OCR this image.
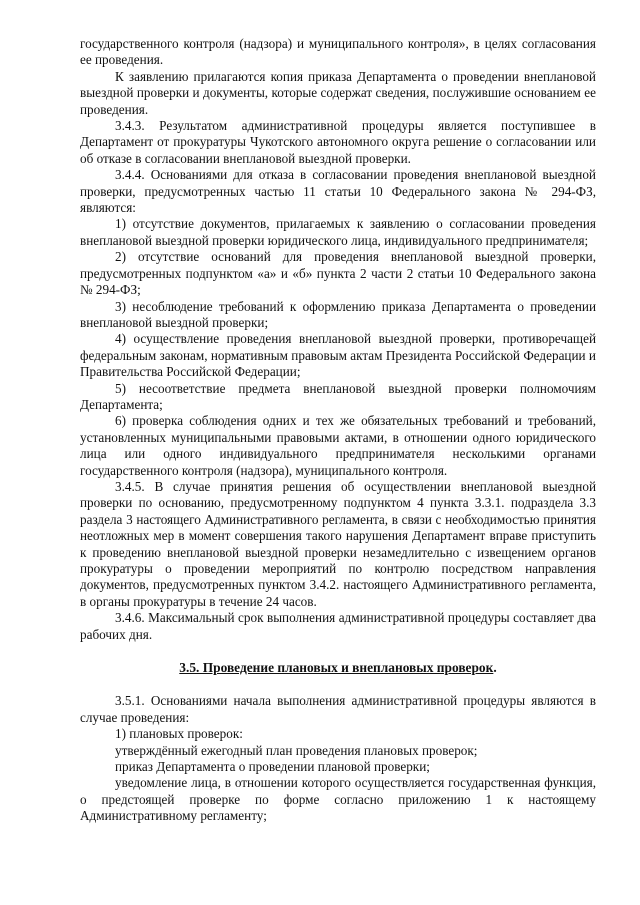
государственного контроля (надзора) и муниципального контроля», в целях согласования ее проведения.

К заявлению прилагаются копия приказа Департамента о проведении внеплановой выездной проверки и документы, которые содержат сведения, послужившие основанием ее проведения.

3.4.3. Результатом административной процедуры является поступившее в Департамент от прокуратуры Чукотского автономного округа решение о согласовании или об отказе в согласовании внеплановой выездной проверки.

3.4.4. Основаниями для отказа в согласовании проведения внеплановой выездной проверки, предусмотренных частью 11 статьи 10 Федерального закона № 294-ФЗ, являются:

1) отсутствие документов, прилагаемых к заявлению о согласовании проведения внеплановой выездной проверки юридического лица, индивидуального предпринимателя;

2) отсутствие оснований для проведения внеплановой выездной проверки, предусмотренных подпунктом «а» и «б» пункта 2 части 2 статьи 10 Федерального закона № 294-ФЗ;

3) несоблюдение требований к оформлению приказа Департамента о проведении внеплановой выездной проверки;

4) осуществление проведения внеплановой выездной проверки, противоречащей федеральным законам, нормативным правовым актам Президента Российской Федерации и Правительства Российской Федерации;

5) несоответствие предмета внеплановой выездной проверки полномочиям Департамента;

6) проверка соблюдения одних и тех же обязательных требований и требований, установленных муниципальными правовыми актами, в отношении одного юридического лица или одного индивидуального предпринимателя несколькими органами государственного контроля (надзора), муниципального контроля.

3.4.5. В случае принятия решения об осуществлении внеплановой выездной проверки по основанию, предусмотренному подпунктом 4 пункта 3.3.1. подраздела 3.3 раздела 3 настоящего Административного регламента, в связи с необходимостью принятия неотложных мер в момент совершения такого нарушения Департамент вправе приступить к проведению внеплановой выездной проверки незамедлительно с извещением органов прокуратуры о проведении мероприятий по контролю посредством направления документов, предусмотренных пунктом 3.4.2. настоящего Административного регламента, в органы прокуратуры в течение 24 часов.

3.4.6. Максимальный срок выполнения административной процедуры составляет два рабочих дня.

3.5. Проведение плановых и внеплановых проверок.

3.5.1. Основаниями начала выполнения административной процедуры являются в случае проведения:

1) плановых проверок:

утверждённый ежегодный план проведения плановых проверок;

приказ Департамента о проведении плановой проверки;

уведомление лица, в отношении которого осуществляется государственная функция, о предстоящей проверке по форме согласно приложению 1 к настоящему Административному регламенту;
